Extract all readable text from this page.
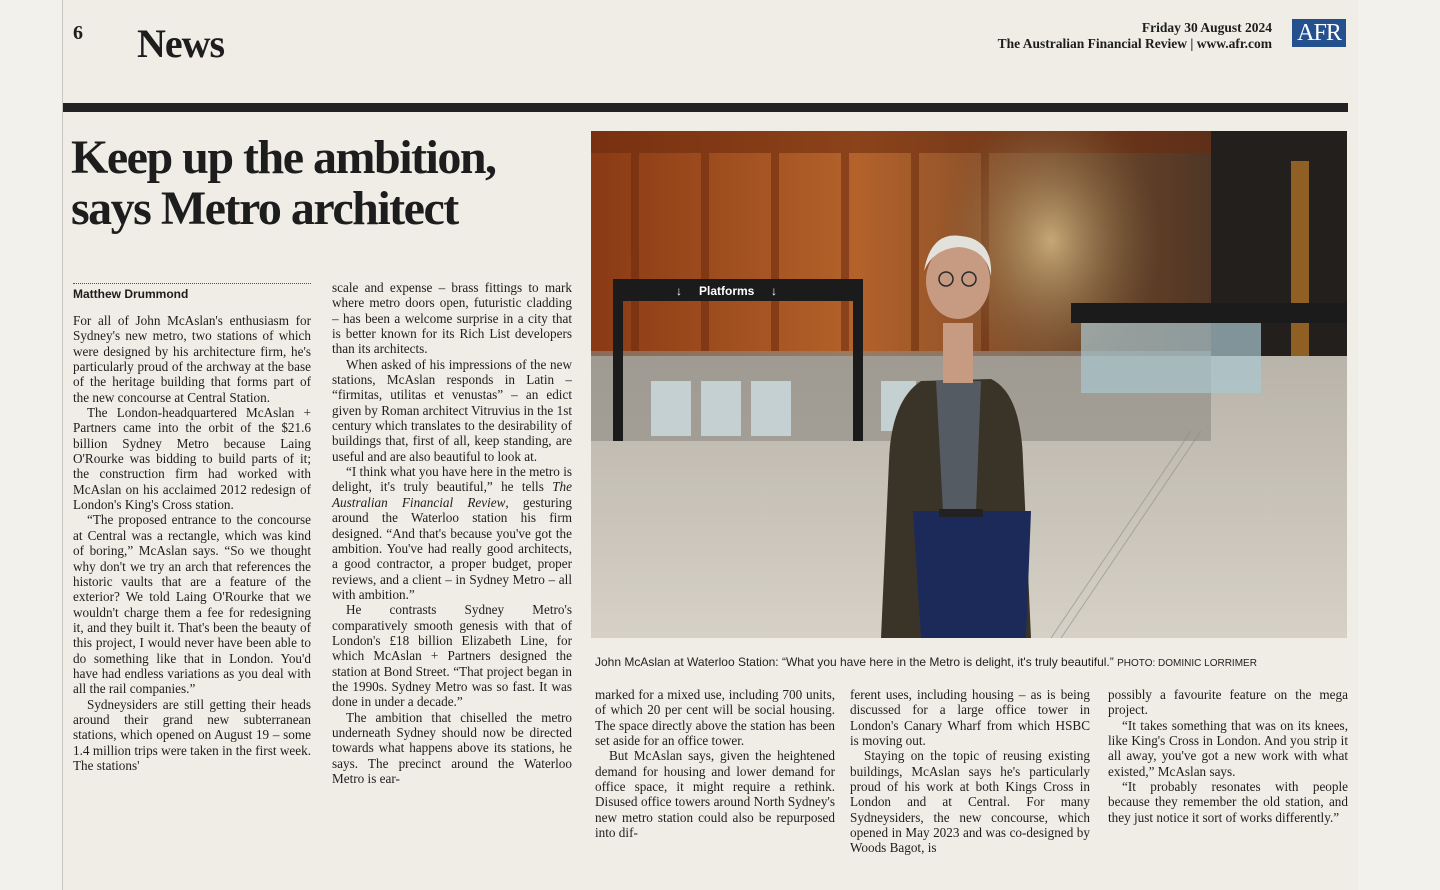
6 News	Friday 30 August 2024
The Australian Financial Review | www.afr.com AFR
Keep up the ambition,
says Metro architect
Matthew Drummond

For all of John McAslan's enthusiasm for Sydney's new metro, two stations of which were designed by his architecture firm, he's particularly proud of the archway at the base of the heritage building that forms part of the new concourse at Central Station.

The London-headquartered McAslan + Partners came into the orbit of the $21.6 billion Sydney Metro because Laing O'Rourke was bidding to build parts of it; the construction firm had worked with McAslan on his acclaimed 2012 redesign of London's King's Cross station.

“The proposed entrance to the concourse at Central was a rectangle, which was kind of boring,” McAslan says. “So we thought why don't we try an arch that references the historic vaults that are a feature of the exterior? We told Laing O'Rourke that we wouldn't charge them a fee for redesigning it, and they built it. That's been the beauty of this project, I would never have been able to do something like that in London. You'd have had endless variations as you deal with all the rail companies.”

Sydneysiders are still getting their heads around their grand new subterranean stations, which opened on August 19 – some 1.4 million trips were taken in the first week. The stations'

scale and expense – brass fittings to mark where metro doors open, futuristic cladding – has been a welcome surprise in a city that is better known for its Rich List developers than its architects.

When asked of his impressions of the new stations, McAslan responds in Latin – “firmitas, utilitas et venustas” – an edict given by Roman architect Vitruvius in the 1st century which translates to the desirability of buildings that, first of all, keep standing, are useful and are also beautiful to look at.

“I think what you have here in the metro is delight, it's truly beautiful,” he tells The Australian Financial Review, gesturing around the Waterloo station his firm designed. “And that's because you've got the ambition. You've had really good architects, a good contractor, a proper budget, proper reviews, and a client – in Sydney Metro – all with ambition.”

He contrasts Sydney Metro's comparatively smooth genesis with that of London's £18 billion Elizabeth Line, for which McAslan + Partners designed the station at Bond Street. “That project began in the 1990s. Sydney Metro was so fast. It was done in under a decade.”

The ambition that chiselled the metro underneath Sydney should now be directed towards what happens above its stations, he says. The precinct around the Waterloo Metro is ear-

↓ Platforms ↓
John McAslan at Waterloo Station: “What you have here in the Metro is delight, it's truly beautiful.” PHOTO: DOMINIC LORRIMER

marked for a mixed use, including 700 units, of which 20 per cent will be social housing. The space directly above the station has been set aside for an office tower.

But McAslan says, given the heightened demand for housing and lower demand for office space, it might require a rethink. Disused office towers around North Sydney's new metro station could also be repurposed into dif-

ferent uses, including housing – as is being discussed for a large office tower in London's Canary Wharf from which HSBC is moving out.

Staying on the topic of reusing existing buildings, McAslan says he's particularly proud of his work at both Kings Cross in London and at Central. For many Sydneysiders, the new concourse, which opened in May 2023 and was co-designed by Woods Bagot, is

possibly a favourite feature on the mega project.

“It takes something that was on its knees, like King's Cross in London. And you strip it all away, you've got a new work with what existed,” McAslan says.

“It probably resonates with people because they remember the old station, and they just notice it sort of works differently.”
